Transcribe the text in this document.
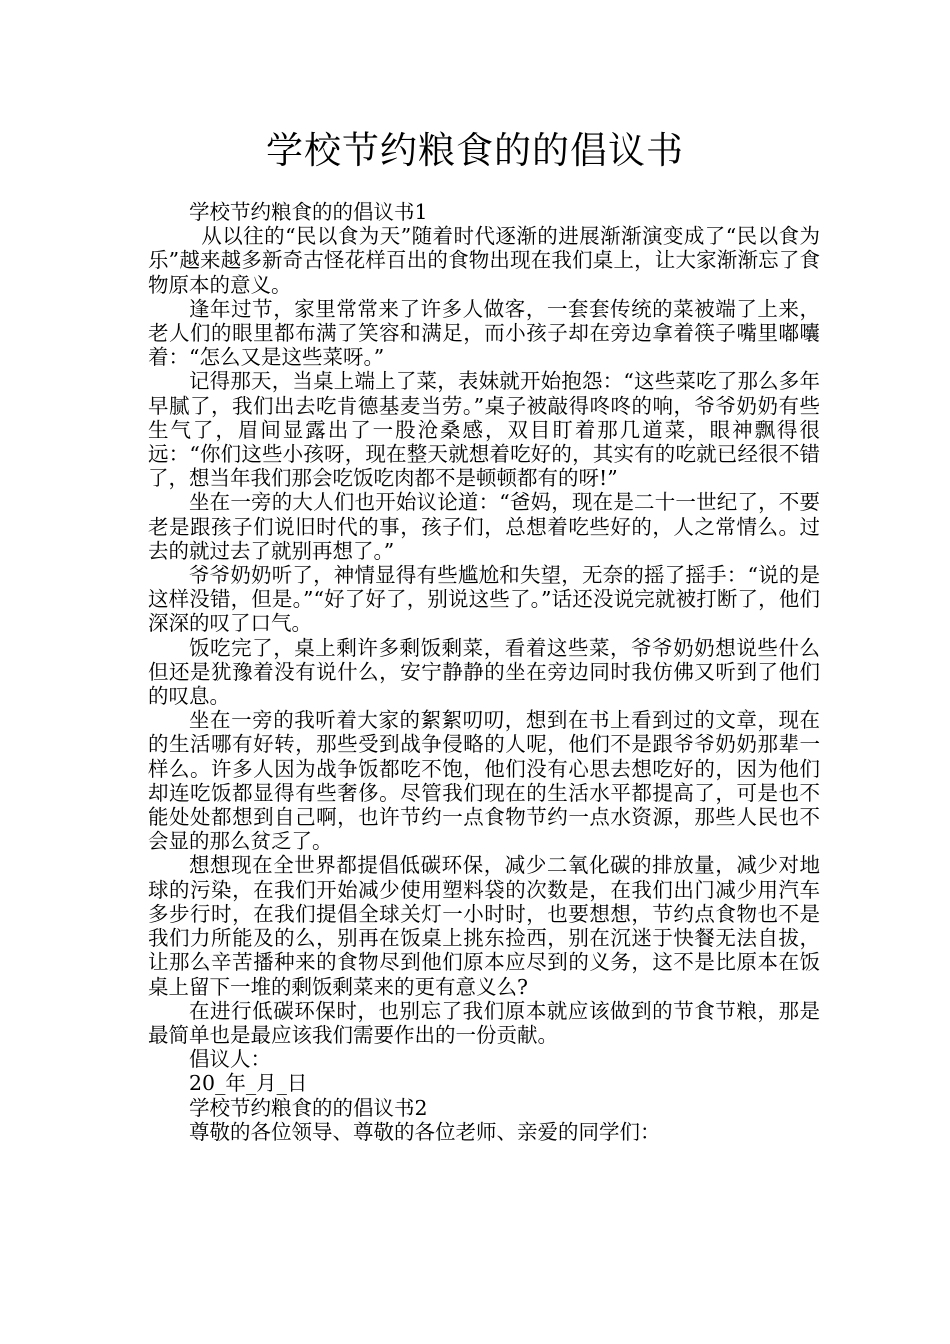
学校节约粮食的的倡议书

学校节约粮食的的倡议书1

从以往的“民以食为天”随着时代逐渐的进展渐渐演变成了“民以食为乐”越来越多新奇古怪花样百出的食物出现在我们桌上，让大家渐渐忘了食物原本的意义。

逢年过节，家里常常来了许多人做客，一套套传统的菜被端了上来，老人们的眼里都布满了笑容和满足，而小孩子却在旁边拿着筷子嘴里嘟囔着：“怎么又是这些菜呀。”

记得那天，当桌上端上了菜，表妹就开始抱怨：“这些菜吃了那么多年早腻了，我们出去吃肯德基麦当劳。”桌子被敲得咚咚的响，爷爷奶奶有些生气了，眉间显露出了一股沧桑感，双目盯着那几道菜，眼神飘得很远：“你们这些小孩呀，现在整天就想着吃好的，其实有的吃就已经很不错了，想当年我们那会吃饭吃肉都不是顿顿都有的呀!”

坐在一旁的大人们也开始议论道：“爸妈，现在是二十一世纪了，不要老是跟孩子们说旧时代的事，孩子们，总想着吃些好的，人之常情么。过去的就过去了就别再想了。”

爷爷奶奶听了，神情显得有些尴尬和失望，无奈的摇了摇手：“说的是这样没错，但是。”“好了好了，别说这些了。”话还没说完就被打断了，他们深深的叹了口气。

饭吃完了，桌上剩许多剩饭剩菜，看着这些菜，爷爷奶奶想说些什么但还是犹豫着没有说什么，安宁静静的坐在旁边同时我仿佛又听到了他们的叹息。

坐在一旁的我听着大家的絮絮叨叨，想到在书上看到过的文章，现在的生活哪有好转，那些受到战争侵略的人呢，他们不是跟爷爷奶奶那辈一样么。许多人因为战争饭都吃不饱，他们没有心思去想吃好的，因为他们却连吃饭都显得有些奢侈。尽管我们现在的生活水平都提高了，可是也不能处处都想到自己啊，也许节约一点食物节约一点水资源，那些人民也不会显的那么贫乏了。

想想现在全世界都提倡低碳环保，减少二氧化碳的排放量，减少对地球的污染，在我们开始减少使用塑料袋的次数是，在我们出门减少用汽车多步行时，在我们提倡全球关灯一小时时，也要想想，节约点食物也不是我们力所能及的么，别再在饭桌上挑东捡西，别在沉迷于快餐无法自拔，让那么辛苦播种来的食物尽到他们原本应尽到的义务，这不是比原本在饭桌上留下一堆的剩饭剩菜来的更有意义么?

在进行低碳环保时，也别忘了我们原本就应该做到的节食节粮，那是最简单也是最应该我们需要作出的一份贡献。

倡议人：

20_年_月_日

学校节约粮食的的倡议书2

尊敬的各位领导、尊敬的各位老师、亲爱的同学们：
